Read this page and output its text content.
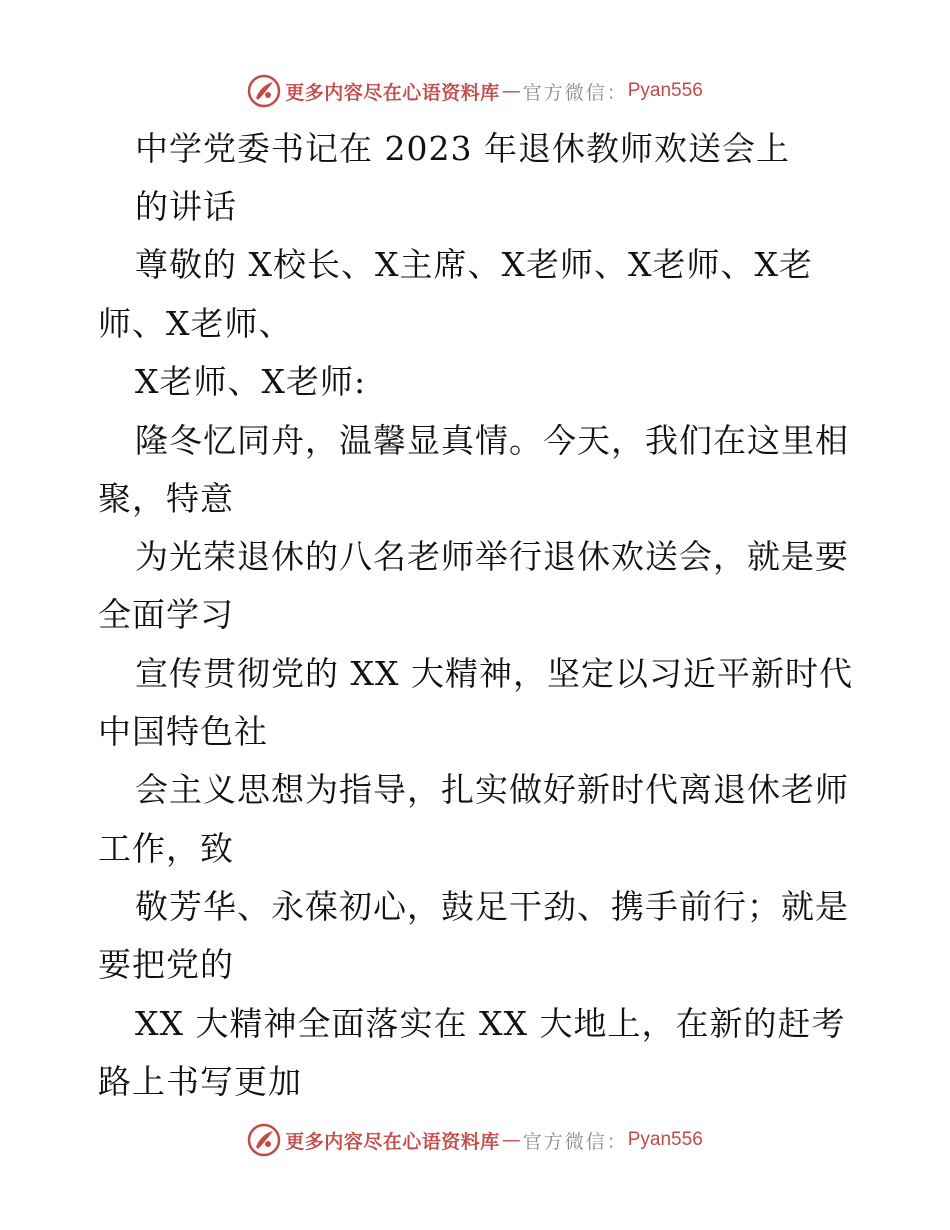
更多内容尽在心语资料库 — 官方微信： Pyan556
中学党委书记在 2023 年退休教师欢送会上
的讲话
尊敬的 X校长、X主席、X老师、X老师、X老
师、X老师、
X老师、X老师:
隆冬忆同舟，温馨显真情。今天，我们在这里相
聚，特意
为光荣退休的八名老师举行退休欢送会，就是要
全面学习
宣传贯彻党的 XX 大精神，坚定以习近平新时代
中国特色社
会主义思想为指导，扎实做好新时代离退休老师
工作，致
敬芳华、永葆初心，鼓足干劲、携手前行；就是
要把党的
XX 大精神全面落实在 XX 大地上，在新的赶考
路上书写更加
更多内容尽在心语资料库 — 官方微信： Pyan556
